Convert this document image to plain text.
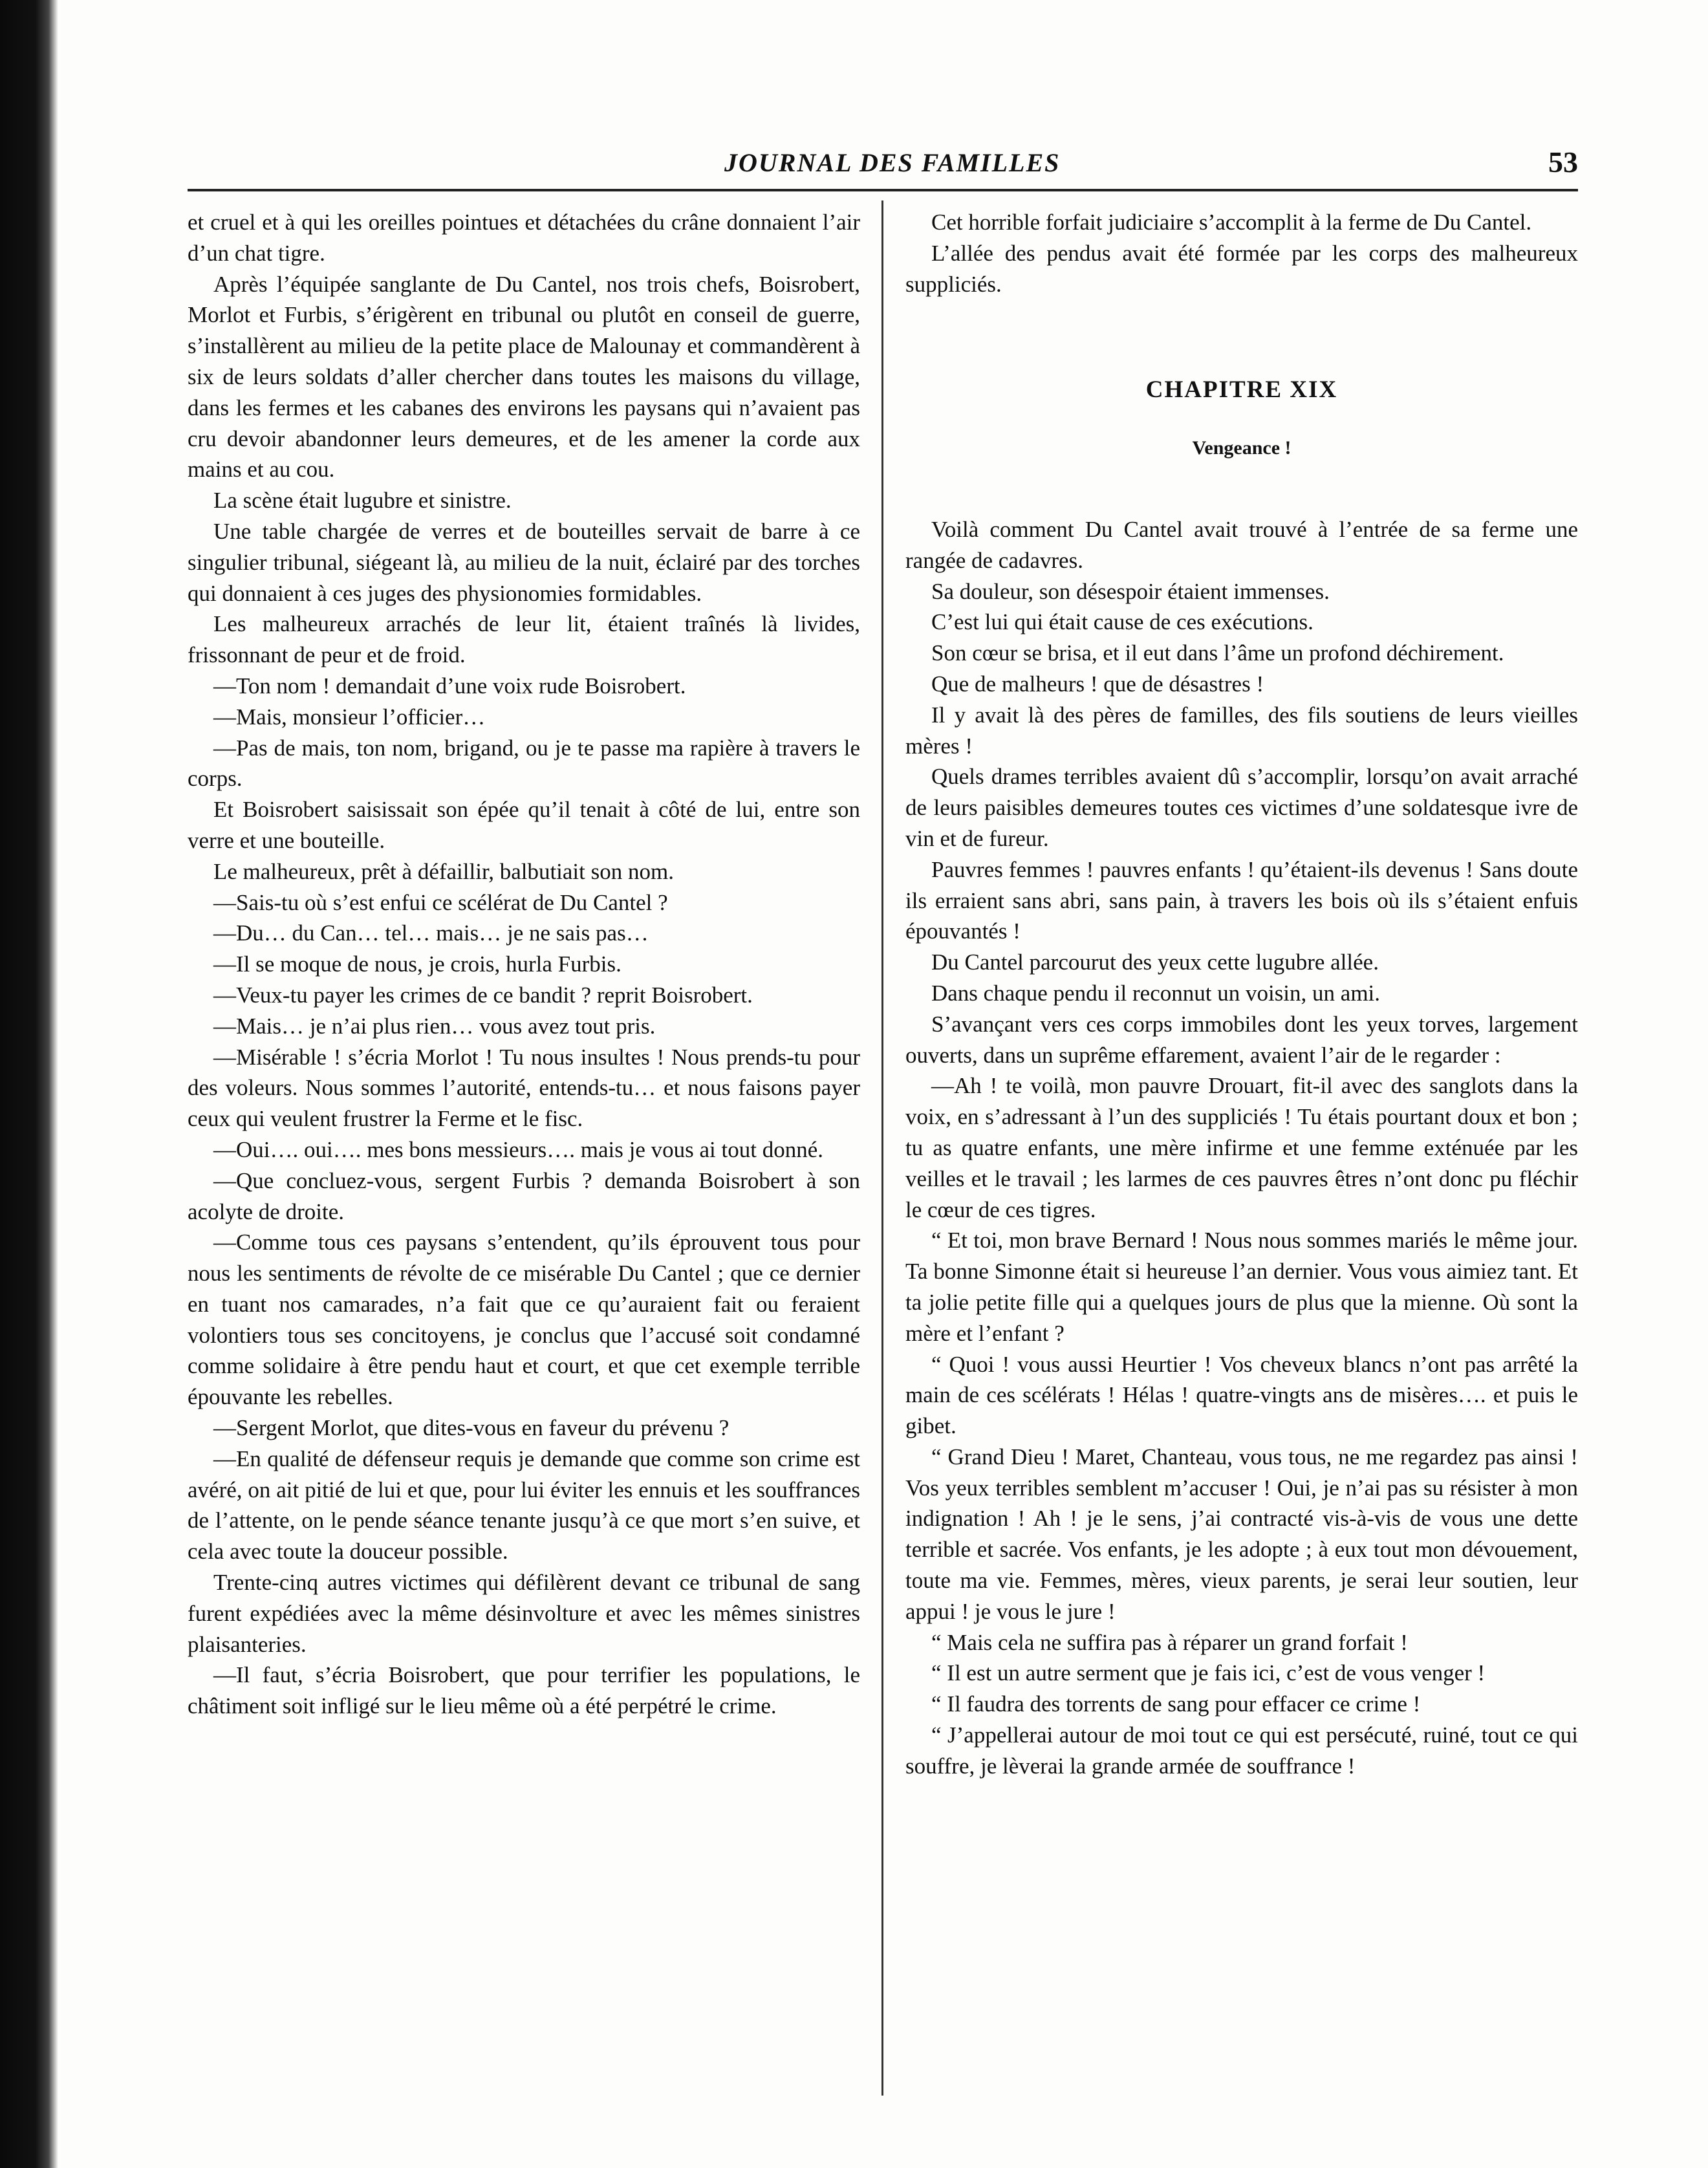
JOURNAL DES FAMILLES	53

et cruel et à qui les oreilles pointues et détachées du crâne donnaient l’air d’un chat tigre.

Après l’équipée sanglante de Du Cantel, nos trois chefs, Boisrobert, Morlot et Furbis, s’érigèrent en tribunal ou plutôt en conseil de guerre, s’installèrent au milieu de la petite place de Malounay et commandèrent à six de leurs soldats d’aller chercher dans toutes les maisons du village, dans les fermes et les cabanes des environs les paysans qui n’avaient pas cru devoir abandonner leurs demeures, et de les amener la corde aux mains et au cou.

La scène était lugubre et sinistre.

Une table chargée de verres et de bouteilles servait de barre à ce singulier tribunal, siégeant là, au milieu de la nuit, éclairé par des torches qui donnaient à ces juges des physionomies formidables.

Les malheureux arrachés de leur lit, étaient traînés là livides, frissonnant de peur et de froid.

—Ton nom ! demandait d’une voix rude Boisrobert.

—Mais, monsieur l’officier…

—Pas de mais, ton nom, brigand, ou je te passe ma rapière à travers le corps.

Et Boisrobert saisissait son épée qu’il tenait à côté de lui, entre son verre et une bouteille.

Le malheureux, prêt à défaillir, balbutiait son nom.

—Sais-tu où s’est enfui ce scélérat de Du Cantel ?

—Du… du Can… tel… mais… je ne sais pas…

—Il se moque de nous, je crois, hurla Furbis.

—Veux-tu payer les crimes de ce bandit ? reprit Boisrobert.

—Mais… je n’ai plus rien… vous avez tout pris.

—Misérable ! s’écria Morlot ! Tu nous insultes ! Nous prends-tu pour des voleurs. Nous sommes l’autorité, entends-tu… et nous faisons payer ceux qui veulent frustrer la Ferme et le fisc.

—Oui…. oui…. mes bons messieurs…. mais je vous ai tout donné.

—Que concluez-vous, sergent Furbis ? demanda Boisrobert à son acolyte de droite.

—Comme tous ces paysans s’entendent, qu’ils éprouvent tous pour nous les sentiments de révolte de ce misérable Du Cantel ; que ce dernier en tuant nos camarades, n’a fait que ce qu’auraient fait ou feraient volontiers tous ses concitoyens, je conclus que l’accusé soit condamné comme solidaire à être pendu haut et court, et que cet exemple terrible épouvante les rebelles.

—Sergent Morlot, que dites-vous en faveur du prévenu ?

—En qualité de défenseur requis je demande que comme son crime est avéré, on ait pitié de lui et que, pour lui éviter les ennuis et les souffrances de l’attente, on le pende séance tenante jusqu’à ce que mort s’en suive, et cela avec toute la douceur possible.

Trente-cinq autres victimes qui défilèrent devant ce tribunal de sang furent expédiées avec la même désinvolture et avec les mêmes sinistres plaisanteries.

—Il faut, s’écria Boisrobert, que pour terrifier les populations, le châtiment soit infligé sur le lieu même où a été perpétré le crime.

Cet horrible forfait judiciaire s’accomplit à la ferme de Du Cantel.

L’allée des pendus avait été formée par les corps des malheureux suppliciés.

CHAPITRE XIX
Vengeance !

Voilà comment Du Cantel avait trouvé à l’entrée de sa ferme une rangée de cadavres.

Sa douleur, son désespoir étaient immenses.

C’est lui qui était cause de ces exécutions.

Son cœur se brisa, et il eut dans l’âme un profond déchirement.

Que de malheurs ! que de désastres !

Il y avait là des pères de familles, des fils soutiens de leurs vieilles mères !

Quels drames terribles avaient dû s’accomplir, lorsqu’on avait arraché de leurs paisibles demeures toutes ces victimes d’une soldatesque ivre de vin et de fureur.

Pauvres femmes ! pauvres enfants ! qu’étaient-ils devenus ! Sans doute ils erraient sans abri, sans pain, à travers les bois où ils s’étaient enfuis épouvantés !

Du Cantel parcourut des yeux cette lugubre allée.

Dans chaque pendu il reconnut un voisin, un ami.

S’avançant vers ces corps immobiles dont les yeux torves, largement ouverts, dans un suprême effarement, avaient l’air de le regarder :

—Ah ! te voilà, mon pauvre Drouart, fit-il avec des sanglots dans la voix, en s’adressant à l’un des suppliciés ! Tu étais pourtant doux et bon ; tu as quatre enfants, une mère infirme et une femme exténuée par les veilles et le travail ; les larmes de ces pauvres êtres n’ont donc pu fléchir le cœur de ces tigres.

“ Et toi, mon brave Bernard ! Nous nous sommes mariés le même jour. Ta bonne Simonne était si heureuse l’an dernier. Vous vous aimiez tant. Et ta jolie petite fille qui a quelques jours de plus que la mienne. Où sont la mère et l’enfant ?

“ Quoi ! vous aussi Heurtier ! Vos cheveux blancs n’ont pas arrêté la main de ces scélérats ! Hélas ! quatre-vingts ans de misères…. et puis le gibet.

“ Grand Dieu ! Maret, Chanteau, vous tous, ne me regardez pas ainsi ! Vos yeux terribles semblent m’accuser ! Oui, je n’ai pas su résister à mon indignation ! Ah ! je le sens, j’ai contracté vis-à-vis de vous une dette terrible et sacrée. Vos enfants, je les adopte ; à eux tout mon dévouement, toute ma vie. Femmes, mères, vieux parents, je serai leur soutien, leur appui ! je vous le jure !

“ Mais cela ne suffira pas à réparer un grand forfait !

“ Il est un autre serment que je fais ici, c’est de vous venger !

“ Il faudra des torrents de sang pour effacer ce crime !

“ J’appellerai autour de moi tout ce qui est persécuté, ruiné, tout ce qui souffre, je lèverai la grande armée de souffrance !
